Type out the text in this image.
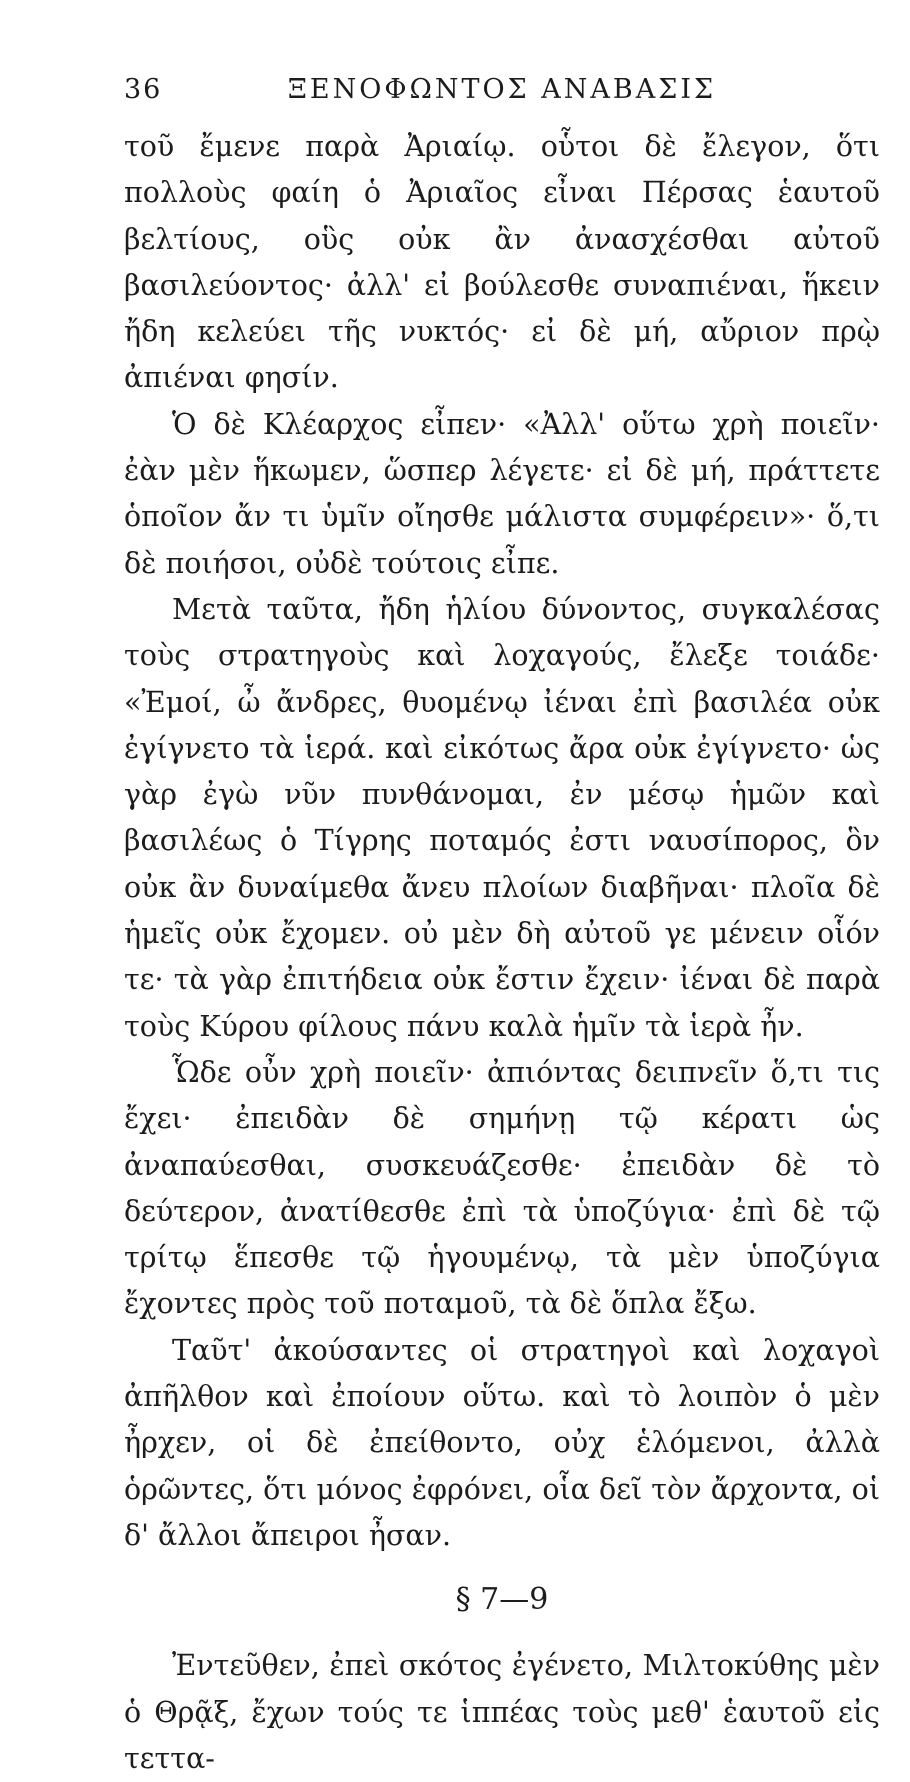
36	ΞΕΝΟΦΩΝΤΟΣ ΑΝΑΒΑΣΙΣ

τοῦ ἔμενε παρὰ Ἀριαίῳ. οὗτοι δὲ ἔλεγον, ὅτι πολλοὺς φαίη ὁ Ἀριαῖος εἶναι Πέρσας ἑαυτοῦ βελτίους, οὓς οὐκ ἂν ἀνασχέσθαι αὐτοῦ βασιλεύοντος· ἀλλ' εἰ βούλεσθε συναπιέναι, ἥκειν ἤδη κελεύει τῆς νυκτός· εἰ δὲ μή, αὔριον πρῲ ἀπιέναι φησίν.

Ὁ δὲ Κλέαρχος εἶπεν· «Ἀλλ' οὕτω χρὴ ποιεῖν· ἐὰν μὲν ἥκωμεν, ὥσπερ λέγετε· εἰ δὲ μή, πράττετε ὁποῖον ἄν τι ὑμῖν οἴησθε μάλιστα συμφέρειν»· ὅ,τι δὲ ποιήσοι, οὐδὲ τούτοις εἶπε.

Μετὰ ταῦτα, ἤδη ἡλίου δύνοντος, συγκαλέσας τοὺς στρατηγοὺς καὶ λοχαγούς, ἔλεξε τοιάδε· «Ἐμοί, ὦ ἄνδρες, θυομένῳ ἰέναι ἐπὶ βασιλέα οὐκ ἐγίγνετο τὰ ἱερά. καὶ εἰκότως ἄρα οὐκ ἐγίγνετο· ὡς γὰρ ἐγὼ νῦν πυνθάνομαι, ἐν μέσῳ ἡμῶν καὶ βασιλέως ὁ Τίγρης ποταμός ἐστι ναυσίπορος, ὃν οὐκ ἂν δυναίμεθα ἄνευ πλοίων διαβῆναι· πλοῖα δὲ ἡμεῖς οὐκ ἔχομεν. οὐ μὲν δὴ αὐτοῦ γε μένειν οἷόν τε· τὰ γὰρ ἐπιτήδεια οὐκ ἔστιν ἔχειν· ἰέναι δὲ παρὰ τοὺς Κύρου φίλους πάνυ καλὰ ἡμῖν τὰ ἱερὰ ἦν.

Ὧδε οὖν χρὴ ποιεῖν· ἀπιόντας δειπνεῖν ὅ,τι τις ἔχει· ἐπειδὰν δὲ σημήνῃ τῷ κέρατι ὡς ἀναπαύεσθαι, συσκευάζεσθε· ἐπειδὰν δὲ τὸ δεύτερον, ἀνατίθεσθε ἐπὶ τὰ ὑποζύγια· ἐπὶ δὲ τῷ τρίτῳ ἕπεσθε τῷ ἡγουμένῳ, τὰ μὲν ὑποζύγια ἔχοντες πρὸς τοῦ ποταμοῦ, τὰ δὲ ὅπλα ἔξω.

Ταῦτ' ἀκούσαντες οἱ στρατηγοὶ καὶ λοχαγοὶ ἀπῆλθον καὶ ἐποίουν οὕτω. καὶ τὸ λοιπὸν ὁ μὲν ἦρχεν, οἱ δὲ ἐπείθοντο, οὐχ ἑλόμενοι, ἀλλὰ ὁρῶντες, ὅτι μόνος ἐφρόνει, οἷα δεῖ τὸν ἄρχοντα, οἱ δ' ἄλλοι ἄπειροι ἦσαν.

§ 7—9

Ἐντεῦθεν, ἐπεὶ σκότος ἐγένετο, Μιλτοκύθης μὲν ὁ Θρᾷξ, ἔχων τούς τε ἱππέας τοὺς μεθ' ἑαυτοῦ εἰς τεττα-
